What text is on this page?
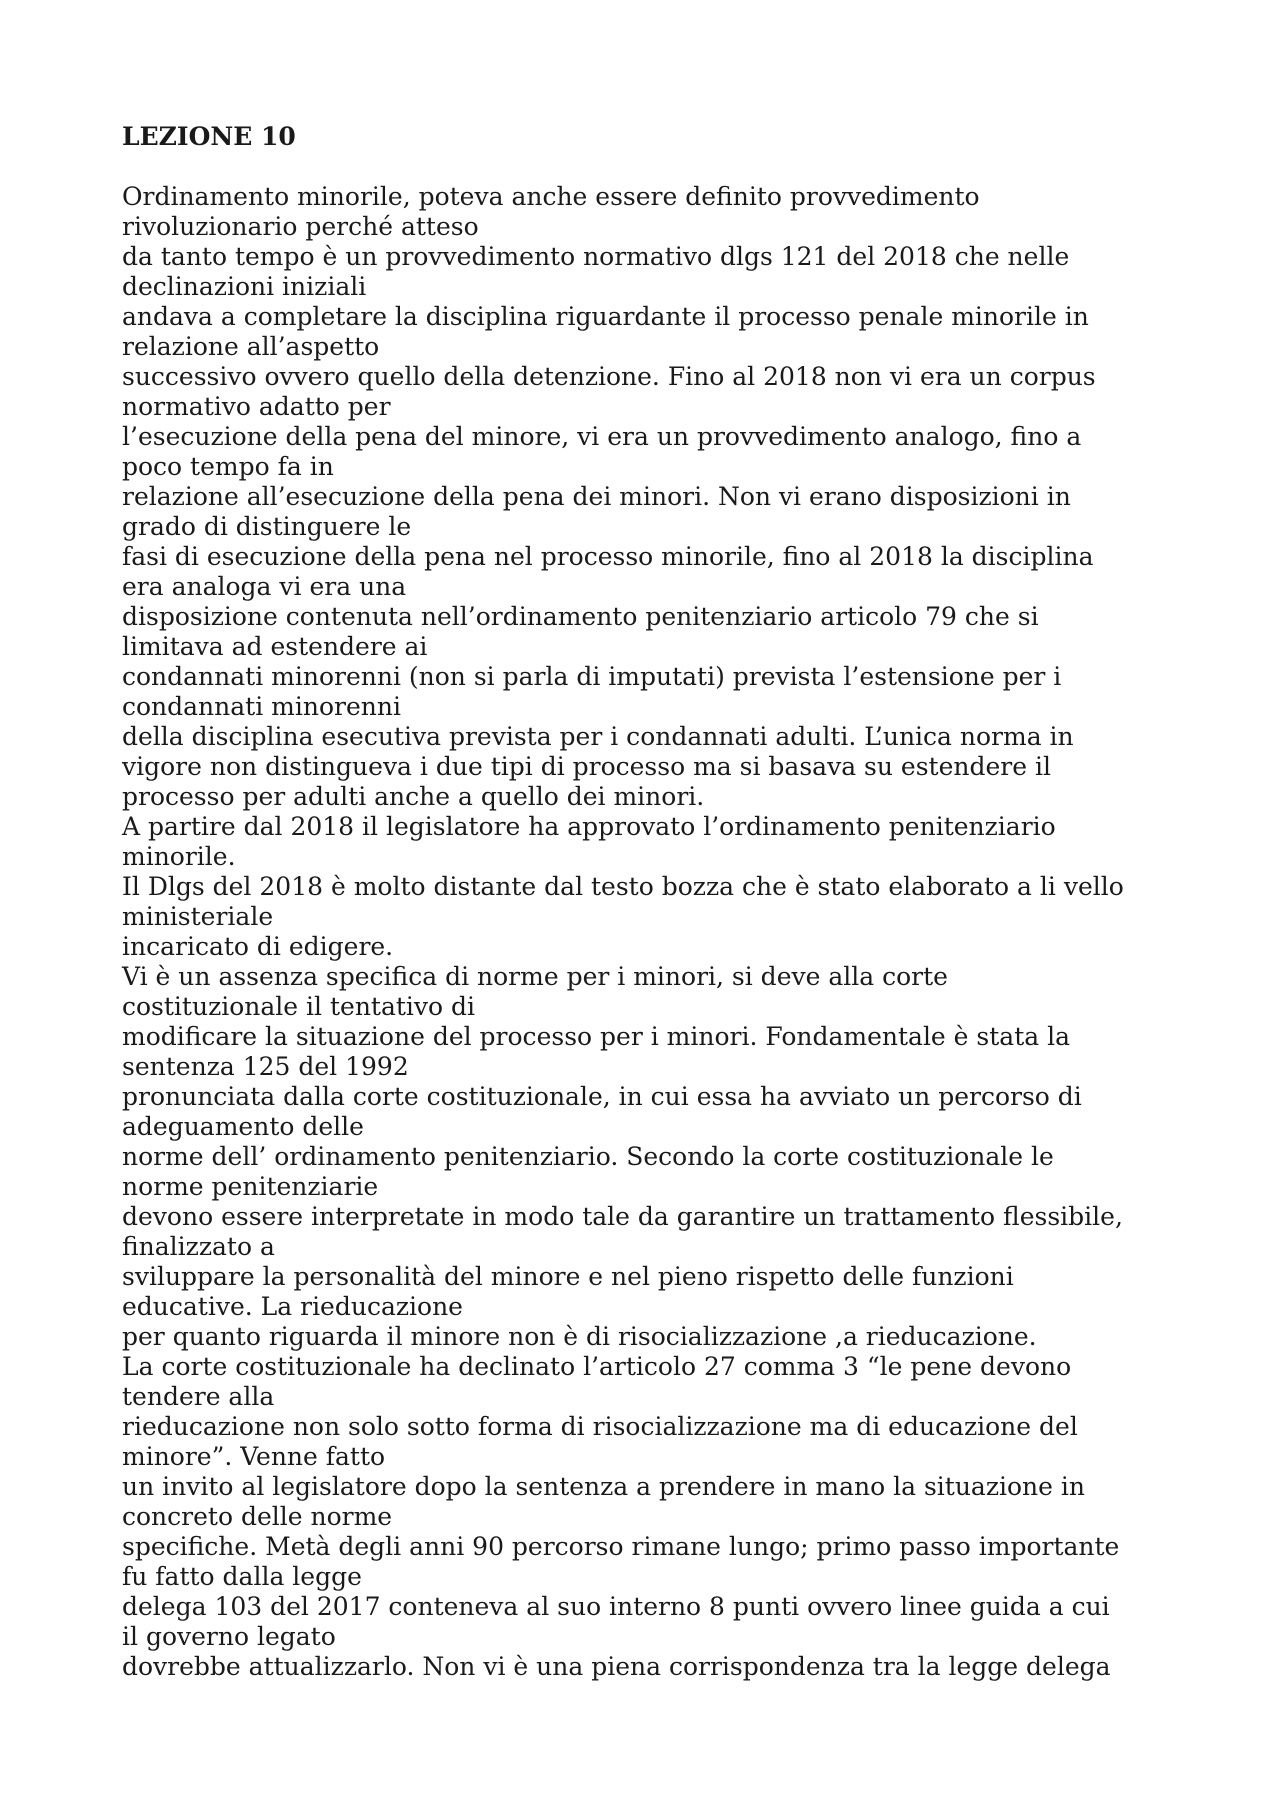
LEZIONE 10
Ordinamento minorile, poteva anche essere definito provvedimento
rivoluzionario perché atteso
da tanto tempo è un provvedimento normativo dlgs 121 del 2018 che nelle
declinazioni iniziali
andava a completare la disciplina riguardante il processo penale minorile in
relazione all’aspetto
successivo ovvero quello della detenzione. Fino al 2018 non vi era un corpus
normativo adatto per
l’esecuzione della pena del minore, vi era un provvedimento analogo, fino a
poco tempo fa in
relazione all’esecuzione della pena dei minori. Non vi erano disposizioni in
grado di distinguere le
fasi di esecuzione della pena nel processo minorile, fino al 2018 la disciplina
era analoga vi era una
disposizione contenuta nell’ordinamento penitenziario articolo 79 che si
limitava ad estendere ai
condannati minorenni (non si parla di imputati) prevista l’estensione per i
condannati minorenni
della disciplina esecutiva prevista per i condannati adulti. L’unica norma in
vigore non distingueva i due tipi di processo ma si basava su estendere il
processo per adulti anche a quello dei minori.
A partire dal 2018 il legislatore ha approvato l’ordinamento penitenziario
minorile.
Il Dlgs del 2018 è molto distante dal testo bozza che è stato elaborato a li vello
ministeriale
incaricato di edigere.
Vi è un assenza specifica di norme per i minori, si deve alla corte
costituzionale il tentativo di
modificare la situazione del processo per i minori. Fondamentale è stata la
sentenza 125 del 1992
pronunciata dalla corte costituzionale, in cui essa ha avviato un percorso di
adeguamento delle
norme dell’ ordinamento penitenziario. Secondo la corte costituzionale le
norme penitenziarie
devono essere interpretate in modo tale da garantire un trattamento flessibile,
finalizzato a
sviluppare la personalità del minore e nel pieno rispetto delle funzioni
educative. La rieducazione
per quanto riguarda il minore non è di risocializzazione ,a rieducazione.
La corte costituzionale ha declinato l’articolo 27 comma 3 “le pene devono
tendere alla
rieducazione non solo sotto forma di risocializzazione ma di educazione del
minore”. Venne fatto
un invito al legislatore dopo la sentenza a prendere in mano la situazione in
concreto delle norme
specifiche. Metà degli anni 90 percorso rimane lungo; primo passo importante
fu fatto dalla legge
delega 103 del 2017 conteneva al suo interno 8 punti ovvero linee guida a cui
il governo legato
dovrebbe attualizzarlo. Non vi è una piena corrispondenza tra la legge delega
